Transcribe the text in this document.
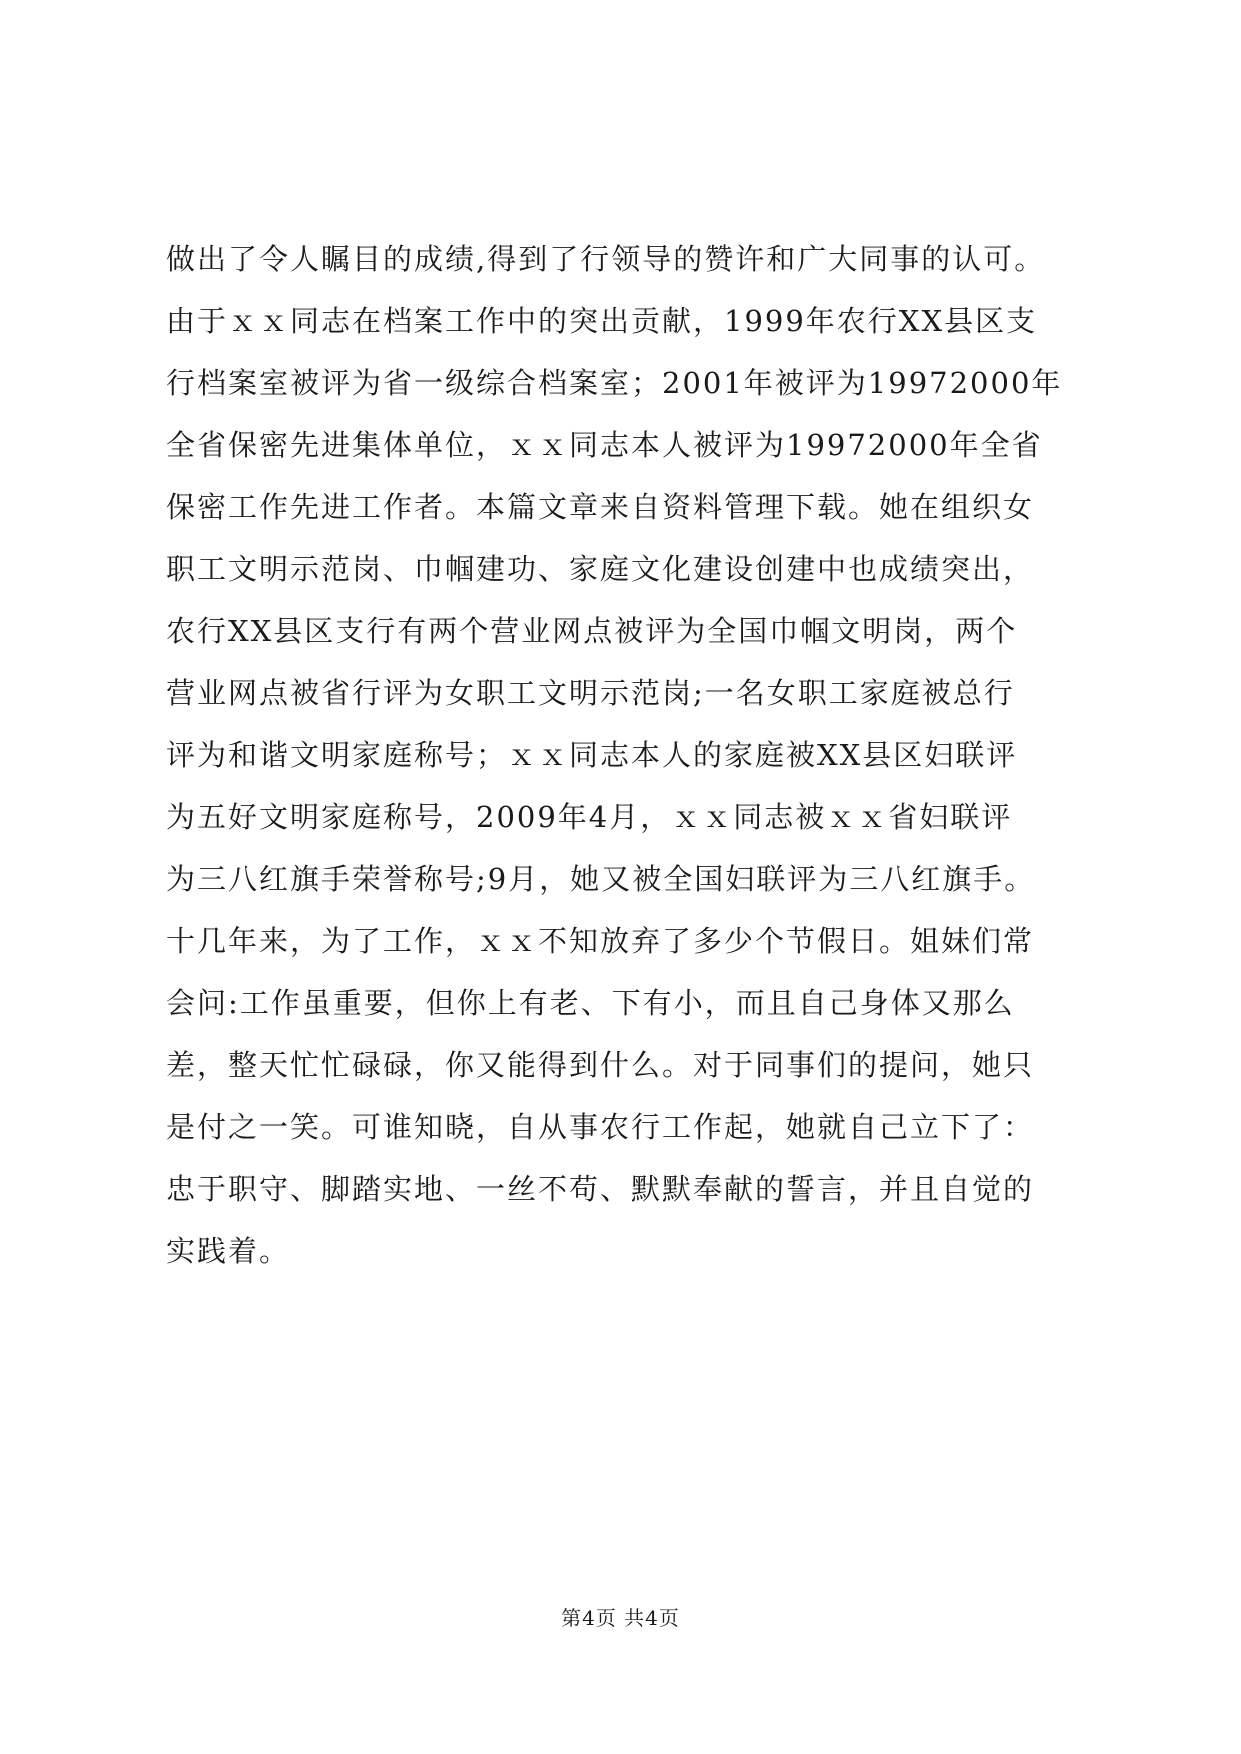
做出了令人瞩目的成绩,得到了行领导的赞许和广大同事的认可。
由于ｘｘ同志在档案工作中的突出贡献，1999年农行XX县区支
行档案室被评为省一级综合档案室；2001年被评为19972000年
全省保密先进集体单位，ｘｘ同志本人被评为19972000年全省
保密工作先进工作者。本篇文章来自资料管理下载。她在组织女
职工文明示范岗、巾帼建功、家庭文化建设创建中也成绩突出，
农行XX县区支行有两个营业网点被评为全国巾帼文明岗，两个
营业网点被省行评为女职工文明示范岗;一名女职工家庭被总行
评为和谐文明家庭称号；ｘｘ同志本人的家庭被XX县区妇联评
为五好文明家庭称号，2009年4月，ｘｘ同志被ｘｘ省妇联评
为三八红旗手荣誉称号;9月，她又被全国妇联评为三八红旗手。
十几年来，为了工作，ｘｘ不知放弃了多少个节假日。姐妹们常
会问:工作虽重要，但你上有老、下有小，而且自己身体又那么
差，整天忙忙碌碌，你又能得到什么。对于同事们的提问，她只
是付之一笑。可谁知晓，自从事农行工作起，她就自己立下了：
忠于职守、脚踏实地、一丝不苟、默默奉献的誓言，并且自觉的
实践着。
第4页 共4页
